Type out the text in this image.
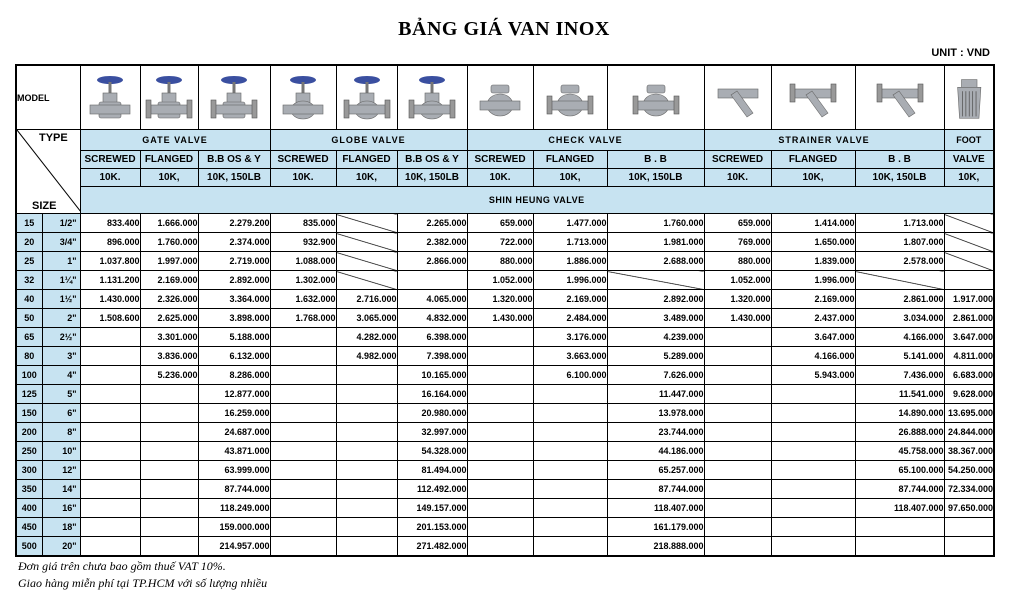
BẢNG GIÁ VAN INOX
UNIT : VND
MODEL	

TYPE
SIZE		GATE VALVE			GLOBE VALVE			CHECK VALVE			STRAINER VALVE			FOOT
		SCREWED	FLANGED	B.B OS & Y	SCREWED	FLANGED	B.B OS & Y	SCREWED	FLANGED	B . B	SCREWED	FLANGED	B . B	VALVE
		10K.	10K,	10K, 150LB	10K.	10K,	10K, 150LB	10K.	10K,	10K, 150LB	10K.	10K,	10K, 150LB	10K,
		SHIN HEUNG VALVE												
15	1/2"	833.400	1.666.000	2.279.200	835.000		2.265.000	659.000	1.477.000	1.760.000	659.000	1.414.000	1.713.000	
20	3/4"	896.000	1.760.000	2.374.000	932.900		2.382.000	722.000	1.713.000	1.981.000	769.000	1.650.000	1.807.000	
25	1"	1.037.800	1.997.000	2.719.000	1.088.000		2.866.000	880.000	1.886.000	2.688.000	880.000	1.839.000	2.578.000	
32	1¼"	1.131.200	2.169.000	2.892.000	1.302.000			1.052.000	1.996.000		1.052.000	1.996.000		
40	1½"	1.430.000	2.326.000	3.364.000	1.632.000	2.716.000	4.065.000	1.320.000	2.169.000	2.892.000	1.320.000	2.169.000	2.861.000	1.917.000
50	2"	1.508.600	2.625.000	3.898.000	1.768.000	3.065.000	4.832.000	1.430.000	2.484.000	3.489.000	1.430.000	2.437.000	3.034.000	2.861.000
65	2½"		3.301.000	5.188.000		4.282.000	6.398.000		3.176.000	4.239.000		3.647.000	4.166.000	3.647.000
80	3"		3.836.000	6.132.000		4.982.000	7.398.000		3.663.000	5.289.000		4.166.000	5.141.000	4.811.000
100	4"		5.236.000	8.286.000			10.165.000		6.100.000	7.626.000		5.943.000	7.436.000	6.683.000
125	5"			12.877.000			16.164.000			11.447.000			11.541.000	9.628.000
150	6"			16.259.000			20.980.000			13.978.000			14.890.000	13.695.000
200	8"			24.687.000			32.997.000			23.744.000			26.888.000	24.844.000
250	10"			43.871.000			54.328.000			44.186.000			45.758.000	38.367.000
300	12"			63.999.000			81.494.000			65.257.000			65.100.000	54.250.000
350	14"			87.744.000			112.492.000			87.744.000			87.744.000	72.334.000
400	16"			118.249.000			149.157.000			118.407.000			118.407.000	97.650.000
450	18"			159.000.000			201.153.000			161.179.000				
500	20"			214.957.000			271.482.000			218.888.000				
Đơn giá trên chưa bao gồm thuế VAT 10%.
Giao hàng miễn phí tại TP.HCM với số lượng nhiều
